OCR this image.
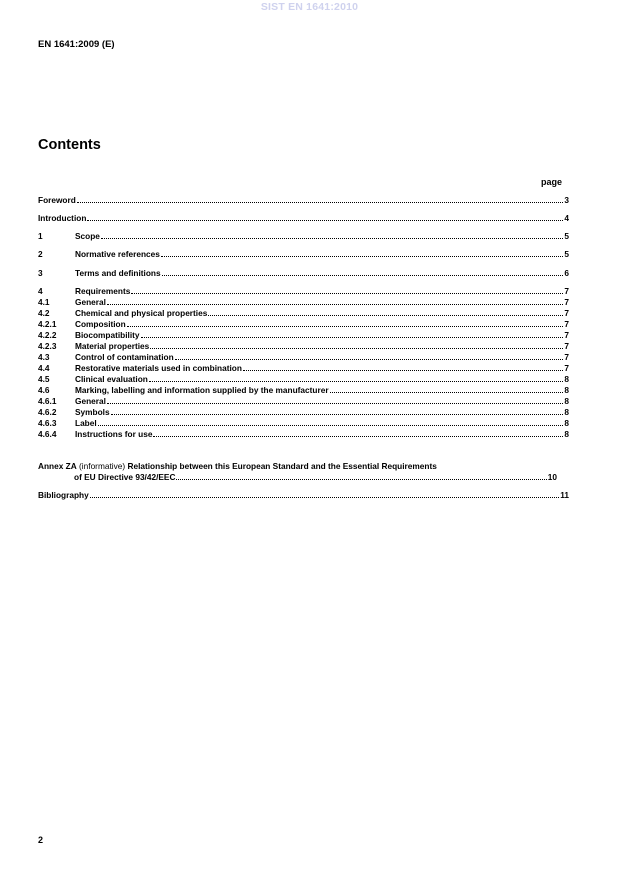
SIST EN 1641:2010
EN 1641:2009 (E)
Contents
page
Foreword	3
Introduction	4
1	Scope	5
2	Normative references	5
3	Terms and definitions	6
4	Requirements	7
4.1	General	7
4.2	Chemical and physical properties	7
4.2.1	Composition	7
4.2.2	Biocompatibility	7
4.2.3	Material properties	7
4.3	Control of contamination	7
4.4	Restorative materials used in combination	7
4.5	Clinical evaluation	8
4.6	Marking, labelling and information supplied by the manufacturer	8
4.6.1	General	8
4.6.2	Symbols	8
4.6.3	Label	8
4.6.4	Instructions for use	8
Annex ZA (informative) Relationship between this European Standard and the Essential Requirements
of EU Directive 93/42/EEC	10
Bibliography	11
2
